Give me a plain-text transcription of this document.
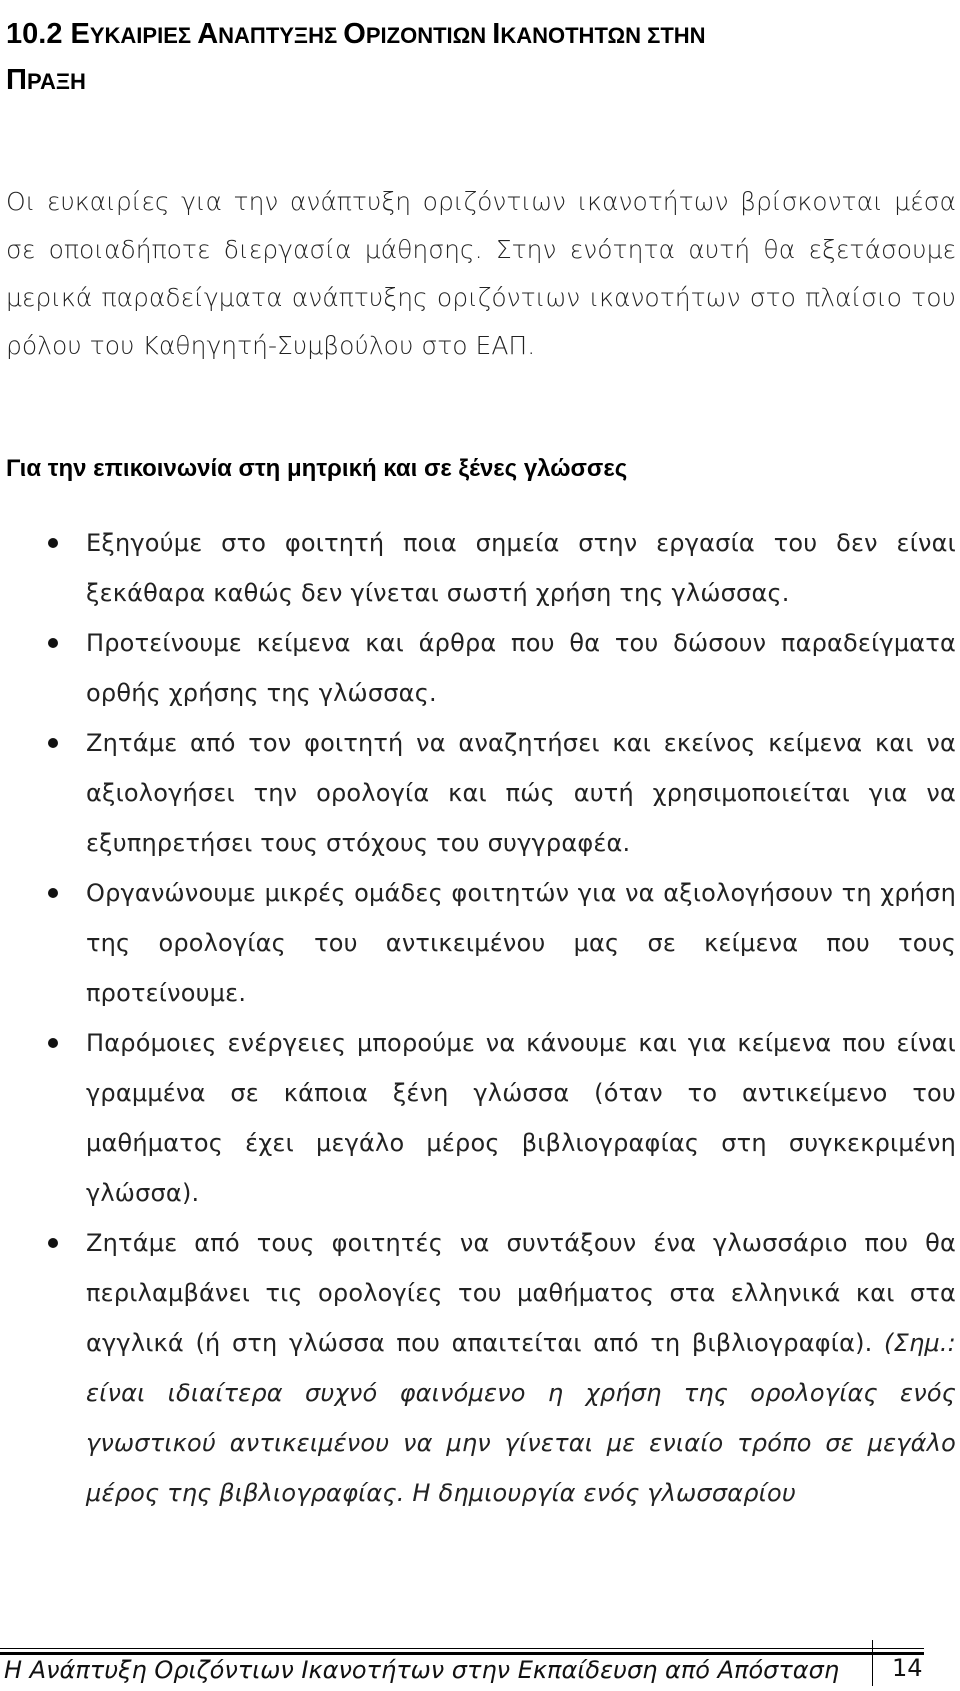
10.2 ΕΥΚΑΙΡΙΕΣ ΑΝΑΠΤΥΞΗΣ ΟΡΙΖΟΝΤΙΩΝ ΙΚΑΝΟΤΗΤΩΝ ΣΤΗΝ
ΠΡΑΞΗ
Οι ευκαιρίες για την ανάπτυξη οριζόντιων ικανοτήτων βρίσκονται μέσα σε οποιαδήποτε διεργασία μάθησης. Στην ενότητα αυτή θα εξετάσουμε μερικά παραδείγματα ανάπτυξης οριζόντιων ικανοτήτων στο πλαίσιο του ρόλου του Καθηγητή-Συμβούλου στο ΕΑΠ.
Για την επικοινωνία στη μητρική και σε ξένες γλώσσες
Εξηγούμε στο φοιτητή ποια σημεία στην εργασία του δεν είναι ξεκάθαρα καθώς δεν γίνεται σωστή χρήση της γλώσσας.
Προτείνουμε κείμενα και άρθρα που θα του δώσουν παραδείγματα ορθής χρήσης της γλώσσας.
Ζητάμε από τον φοιτητή να αναζητήσει και εκείνος κείμενα και να αξιολογήσει την ορολογία και πώς αυτή χρησιμοποιείται για να εξυπηρετήσει τους στόχους του συγγραφέα.
Οργανώνουμε μικρές ομάδες φοιτητών για να αξιολογήσουν τη χρήση της ορολογίας του αντικειμένου μας σε κείμενα που τους προτείνουμε.
Παρόμοιες ενέργειες μπορούμε να κάνουμε και για κείμενα που είναι γραμμένα σε κάποια ξένη γλώσσα (όταν το αντικείμενο του μαθήματος έχει μεγάλο μέρος βιβλιογραφίας στη συγκεκριμένη γλώσσα).
Ζητάμε από τους φοιτητές να συντάξουν ένα γλωσσάριο που θα περιλαμβάνει τις ορολογίες του μαθήματος στα ελληνικά και στα αγγλικά (ή στη γλώσσα που απαιτείται από τη βιβλιογραφία). (Σημ.: είναι ιδιαίτερα συχνό φαινόμενο η χρήση της ορολογίας ενός γνωστικού αντικειμένου να μην γίνεται με ενιαίο τρόπο σε μεγάλο μέρος της βιβλιογραφίας. Η δημιουργία ενός γλωσσαρίου
Η Ανάπτυξη Οριζόντιων Ικανοτήτων στην Εκπαίδευση από Απόσταση 14
